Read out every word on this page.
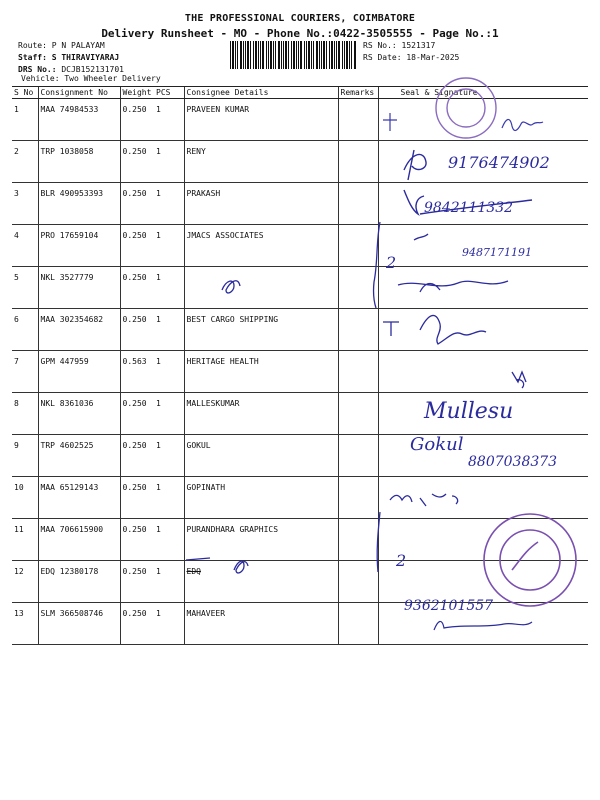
THE PROFESSIONAL COURIERS, COIMBATORE
Delivery Runsheet - MO - Phone No.:0422-3505555 - Page No.:1
Route: P N PALAYAM
Staff: S THIRAVIYARAJ
DRS No.: DCJB152131701
Vehicle: Two Wheeler Delivery
RS No.: 1521317
RS Date: 18-Mar-2025
S No	Consignment No	Weight	PCS	Consignee Details	Remarks	Seal & Signature
1	MAA 74984533	0.250	1	PRAVEEN KUMAR		
2	TRP 1038058	0.250	1	RENY		
3	BLR 490953393	0.250	1	PRAKASH		
4	PRO 17659104	0.250	1	JMACS ASSOCIATES		
5	NKL 3527779	0.250	1			
6	MAA 302354682	0.250	1	BEST CARGO SHIPPING		
7	GPM 447959	0.563	1	HERITAGE HEALTH		
8	NKL 8361036	0.250	1	MALLESKUMAR		
9	TRP 4602525	0.250	1	GOKUL		
10	MAA 65129143	0.250	1	GOPINATH		
11	MAA 706615900	0.250	1	PURANDHARA GRAPHICS		
12	EDQ 12380178	0.250	1	EDQ		
13	SLM 366508746	0.250	1	MAHAVEER		
9176474902
9842111332
2
9487171191
Mullesu
Gokul
8807038373
2
9362101557
